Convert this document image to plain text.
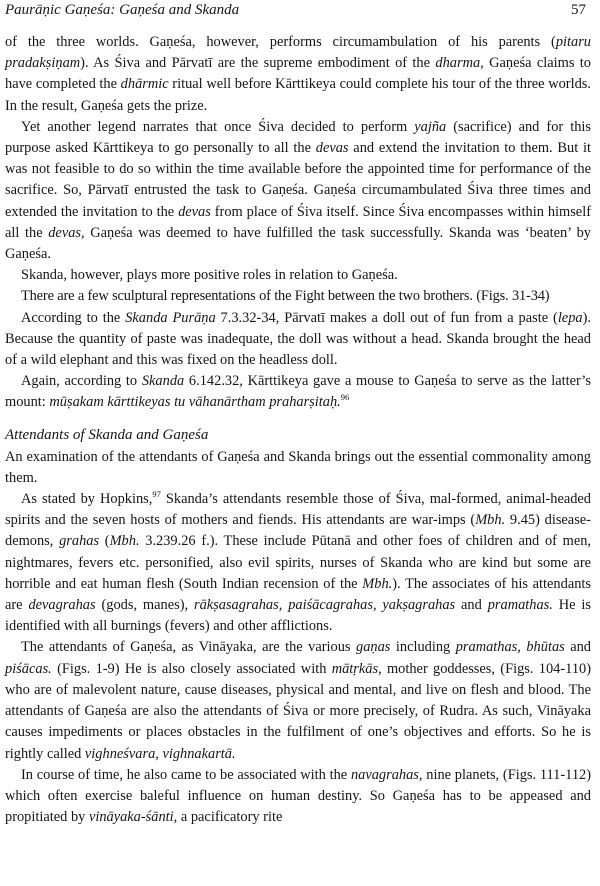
Paurāṇic Gaṇeśa: Gaṇeśa and Skanda	57

of the three worlds. Gaṇeśa, however, performs circumambulation of his parents (pitaru pradakṣiṇam). As Śiva and Pārvatī are the supreme embodiment of the dharma, Gaṇeśa claims to have completed the dhārmic ritual well before Kārttikeya could complete his tour of the three worlds. In the result, Gaṇeśa gets the prize.

Yet another legend narrates that once Śiva decided to perform yajña (sacrifice) and for this purpose asked Kārttikeya to go personally to all the devas and extend the invitation to them. But it was not feasible to do so within the time available before the appointed time for performance of the sacrifice. So, Pārvatī entrusted the task to Gaṇeśa. Gaṇeśa circumambulated Śiva three times and extended the invitation to the devas from place of Śiva itself. Since Śiva encompasses within himself all the devas, Gaṇeśa was deemed to have fulfilled the task successfully. Skanda was ‘beaten’ by Gaṇeśa.

Skanda, however, plays more positive roles in relation to Gaṇeśa.

There are a few sculptural representations of the Fight between the two brothers. (Figs. 31-34)

According to the Skanda Purāṇa 7.3.32-34, Pārvatī makes a doll out of fun from a paste (lepa). Because the quantity of paste was inadequate, the doll was without a head. Skanda brought the head of a wild elephant and this was fixed on the headless doll.

Again, according to Skanda 6.142.32, Kārttikeya gave a mouse to Gaṇeśa to serve as the latter’s mount: mūṣakam kārttikeyas tu vāhanārtham praharṣitaḥ.$^{96}$

Attendants of Skanda and Gaṇeśa

An examination of the attendants of Gaṇeśa and Skanda brings out the essential commonality among them.

As stated by Hopkins,$^{97}$ Skanda’s attendants resemble those of Śiva, mal-formed, animal-headed spirits and the seven hosts of mothers and fiends. His attendants are war-imps (Mbh. 9.45) disease-demons, grahas (Mbh. 3.239.26 f.). These include Pūtanā and other foes of children and of men, nightmares, fevers etc. personified, also evil spirits, nurses of Skanda who are kind but some are horrible and eat human flesh (South Indian recension of the Mbh.). The associates of his attendants are devagrahas (gods, manes), rākṣasagrahas, paiśācagrahas, yakṣagrahas and pramathas. He is identified with all burnings (fevers) and other afflictions.

The attendants of Gaṇeśa, as Vināyaka, are the various gaṇas including pramathas, bhūtas and piśācas. (Figs. 1-9) He is also closely associated with mātṛkās, mother goddesses, (Figs. 104-110) who are of malevolent nature, cause diseases, physical and mental, and live on flesh and blood. The attendants of Gaṇeśa are also the attendants of Śiva or more precisely, of Rudra. As such, Vināyaka causes impediments or places obstacles in the fulfilment of one’s objectives and efforts. So he is rightly called vighneśvara, vighnakartā.

In course of time, he also came to be associated with the navagrahas, nine planets, (Figs. 111-112) which often exercise baleful influence on human destiny. So Gaṇeśa has to be appeased and propitiated by vināyaka-śānti, a pacificatory rite
